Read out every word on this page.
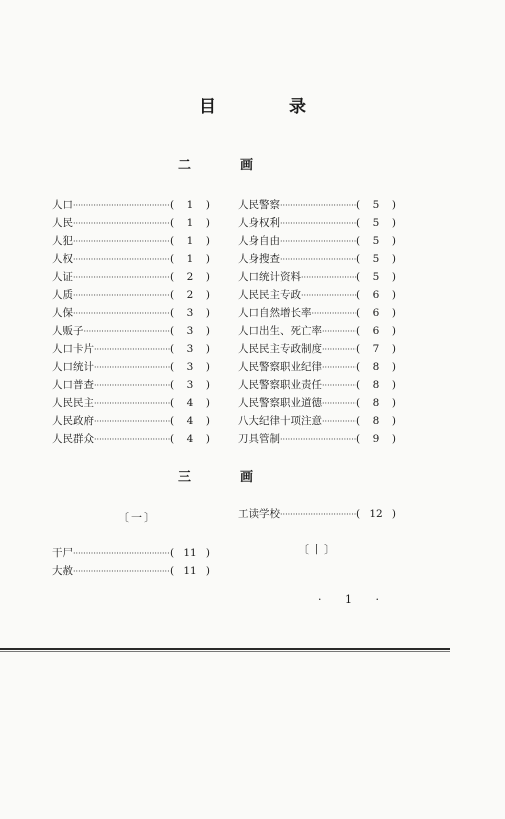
目　录
二　画
人口 ·····	( 1 )
人民 ·····	( 1 )
人犯 ·····	( 1 )
人权 ·····	( 1 )
人证 ·····	( 2 )
人质 ·····	( 2 )
人保 ·····	( 3 )
人贩子 ·····	( 3 )
人口卡片 ·····	( 3 )
人口统计 ·····	( 3 )
人口普查 ·····	( 3 )
人民民主 ·····	( 4 )
人民政府 ·····	( 4 )
人民群众 ·····	( 4 )
人民警察 ·····	( 5 )
人身权利 ·····	( 5 )
人身自由 ·····	( 5 )
人身搜查 ·····	( 5 )
人口统计资料 ·····	( 5 )
人民民主专政 ·····	( 6 )
人口自然增长率 ·····	( 6 )
人口出生、死亡率 ·····	( 6 )
人民民主专政制度 ·····	( 7 )
人民警察职业纪律 ·····	( 8 )
人民警察职业责任 ·····	( 8 )
人民警察职业道德 ·····	( 8 )
八大纪律十项注意 ·····	( 8 )
刀具管制 ·····	( 9 )
三　画
〔一〕	工读学校 ·····	( 12 )
〔丨〕
干尸 ·····	( 11 )
大赦 ·····	( 11 )
· 1 ·
